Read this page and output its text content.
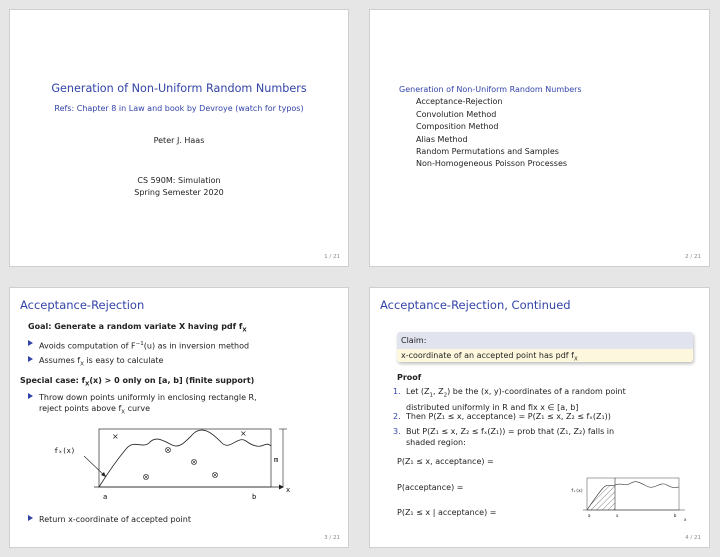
Generation of Non-Uniform Random Numbers
Refs: Chapter 8 in Law and book by Devroye (watch for typos)
Peter J. Haas
CS 590M: Simulation
Spring Semester 2020
1 / 21
Generation of Non-Uniform Random Numbers
Acceptance-Rejection
Convolution Method
Composition Method
Alias Method
Random Permutations and Samples
Non-Homogeneous Poisson Processes
2 / 21
Acceptance-Rejection
Goal: Generate a random variate X having pdf $f_X$
Avoids computation of $F^{-1}(u)$ as in inversion method
Assumes $f_X$ is easy to calculate
Special case: $f_X(x) > 0$ only on [a, b] (finite support)
Throw down points uniformly in enclosing rectangle R,
reject points above $f_X$ curve
m
fₓ(x)
x
a	b
×	×
Return x-coordinate of accepted point
3 / 21
Acceptance-Rejection, Continued
Claim:
x-coordinate of an accepted point has pdf $f_X$
Proof
1. Let ($Z_1$, $Z_2$) be the (x, y)-coordinates of a random point
distributed uniformly in R and fix x ∈ [a, b]
2. Then P(Z₁ ≤ x, acceptance) = P(Z₁ ≤ x, Z₂ ≤ fₓ(Z₁))
3. But P(Z₁ ≤ x, Z₂ ≤ fₓ(Z₁)) = prob that (Z₁, Z₂) falls in
shaded region:
P(Z₁ ≤ x, acceptance) =
P(acceptance) =
P(Z₁ ≤ x | acceptance) =
fₓ(x)
a	x	b
x
4 / 21
